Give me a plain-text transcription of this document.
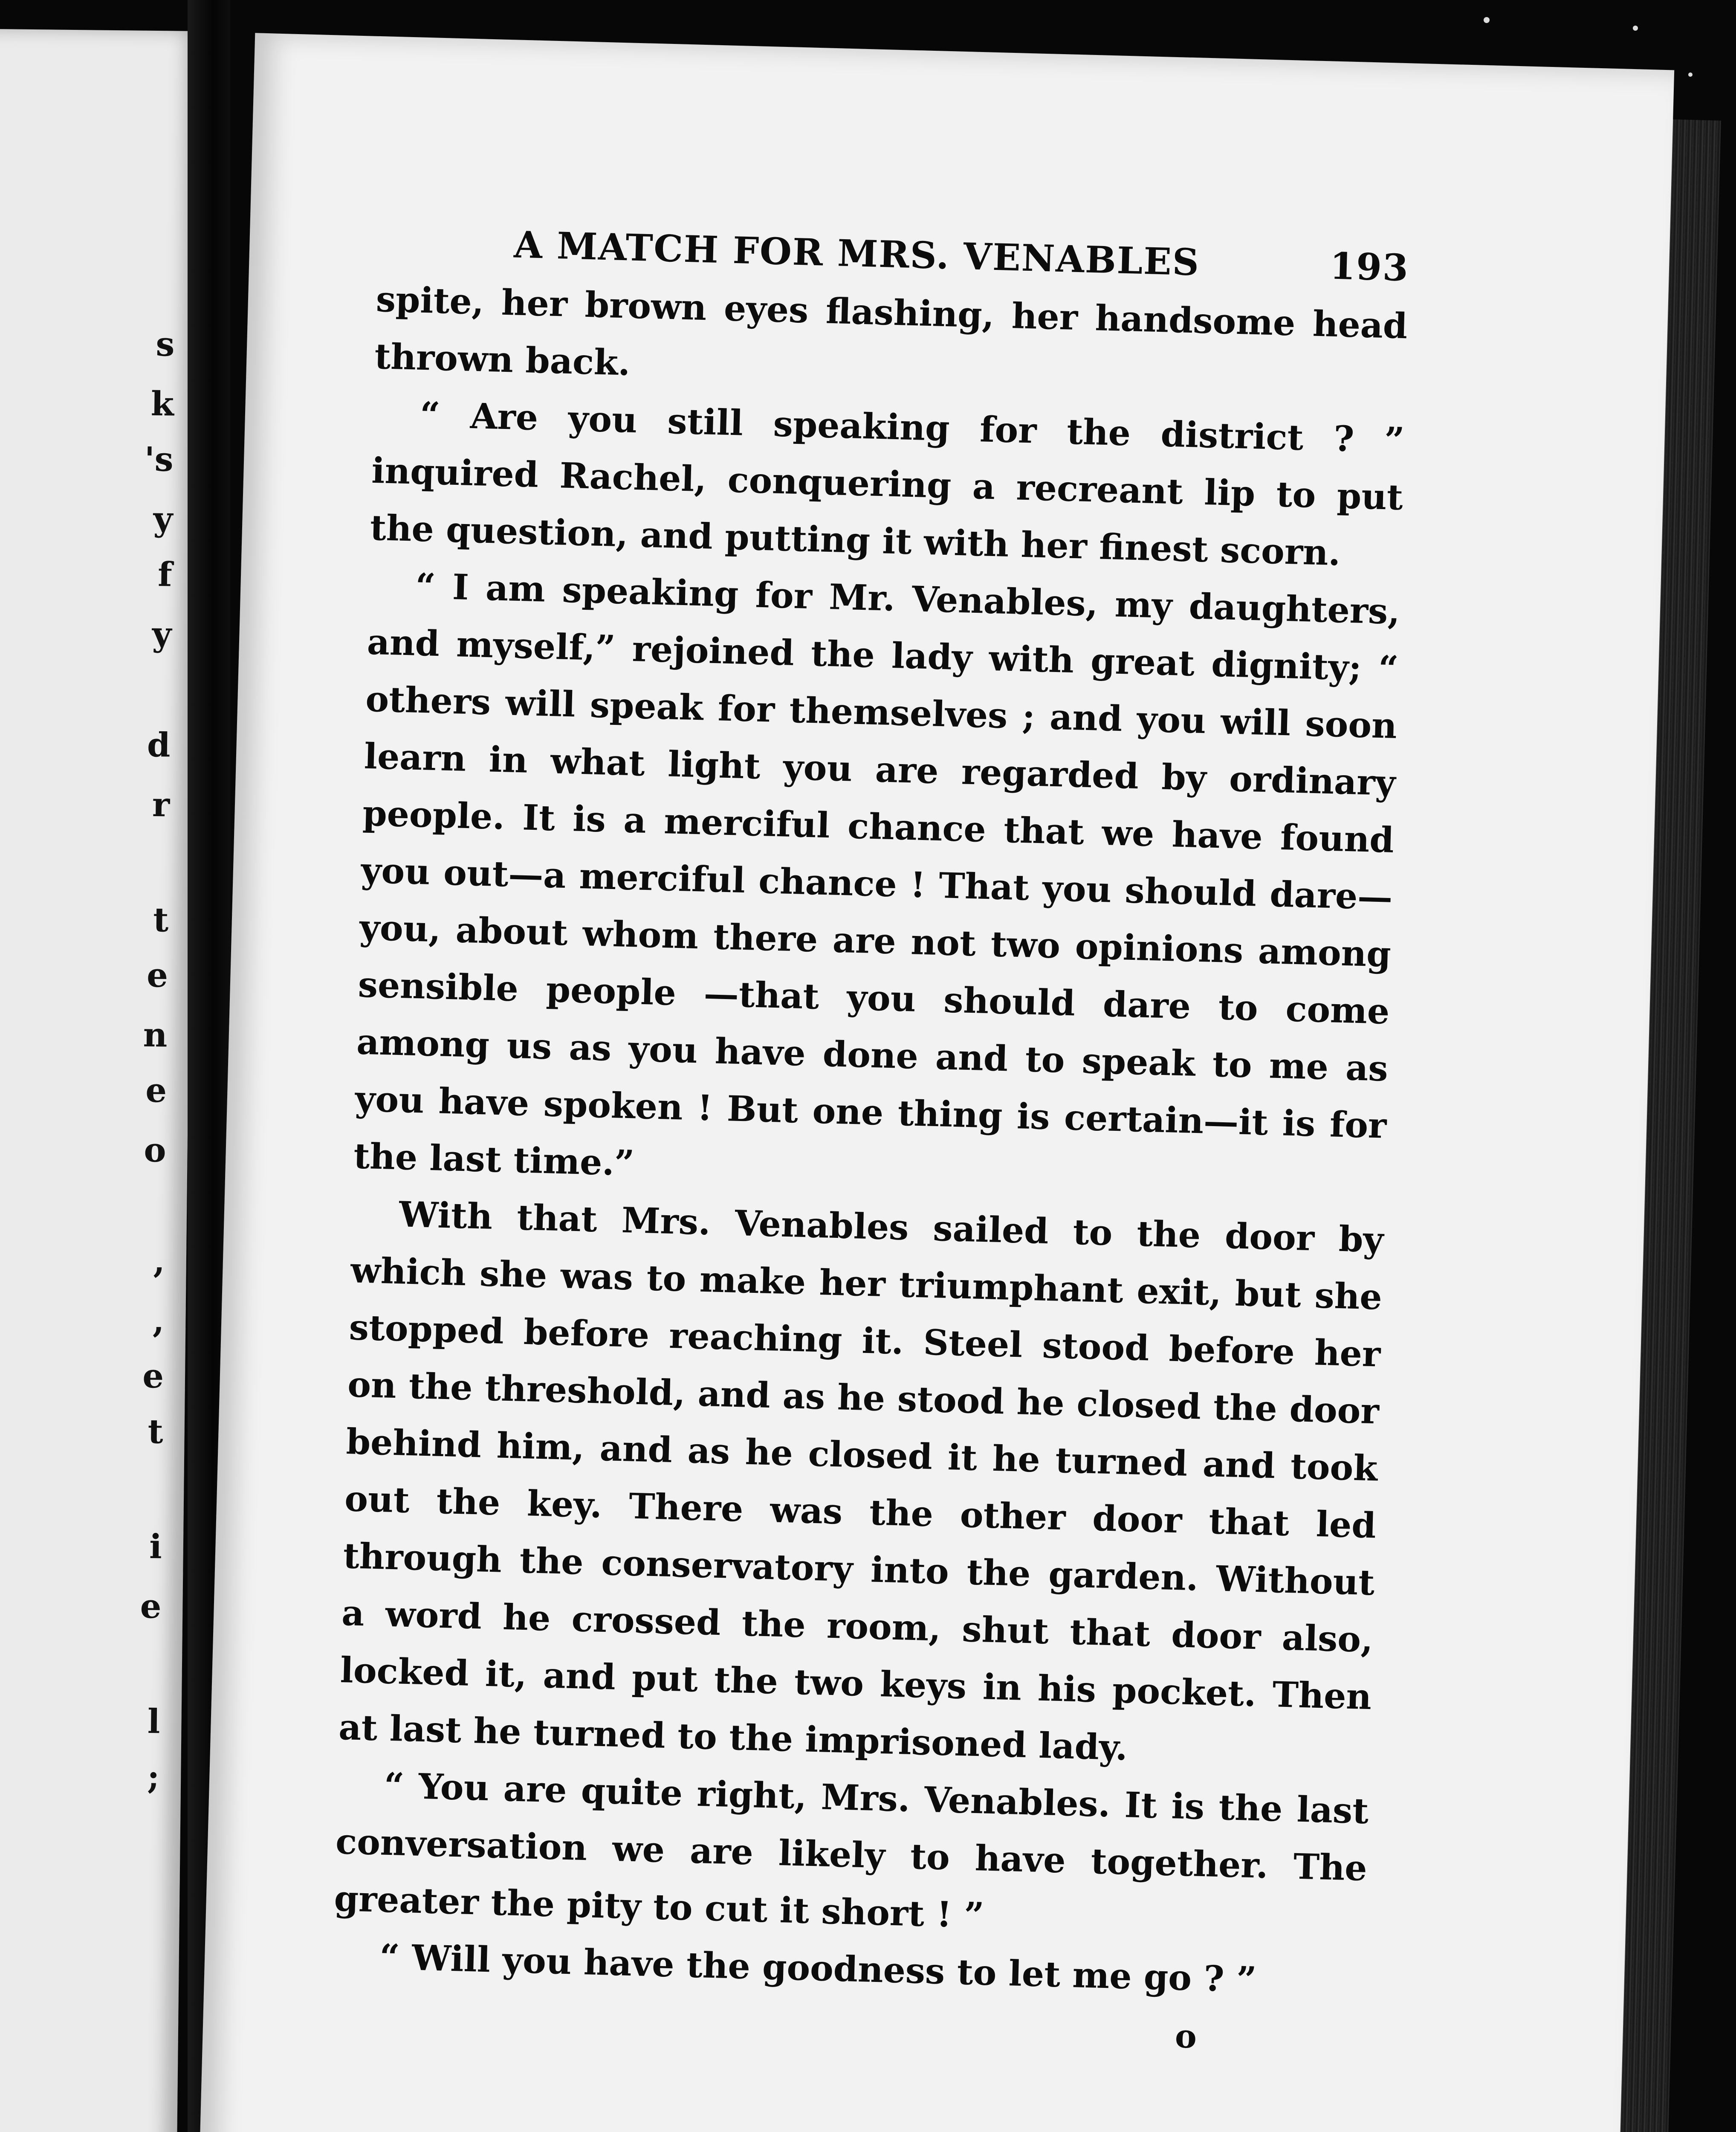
s
k
's
y
f
y
d
r
t
e
n
e
o
,
,
e
t
i
e
l
;
A MATCH FOR MRS. VENABLES	193

spite, her brown eyes flashing, her handsome head thrown back.

“ Are you still speaking for the district ? ” inquired Rachel, conquering a recreant lip to put the question, and putting it with her finest scorn.

“ I am speaking for Mr. Venables, my daughters, and myself,” rejoined the lady with great dignity; “ others will speak for themselves ; and you will soon learn in what light you are regarded by ordinary people. It is a merciful chance that we have found you out—a merciful chance ! That you should dare—you, about whom there are not two opinions among sensible people —that you should dare to come among us as you have done and to speak to me as you have spoken ! But one thing is certain—it is for the last time.”

With that Mrs. Venables sailed to the door by which she was to make her triumphant exit, but she stopped before reaching it. Steel stood before her on the threshold, and as he stood he closed the door behind him, and as he closed it he turned and took out the key. There was the other door that led through the conservatory into the garden. Without a word he crossed the room, shut that door also, locked it, and put the two keys in his pocket. Then at last he turned to the imprisoned lady.

“ You are quite right, Mrs. Venables. It is the last conversation we are likely to have together. The greater the pity to cut it short ! ”

“ Will you have the goodness to let me go ? ”

o
